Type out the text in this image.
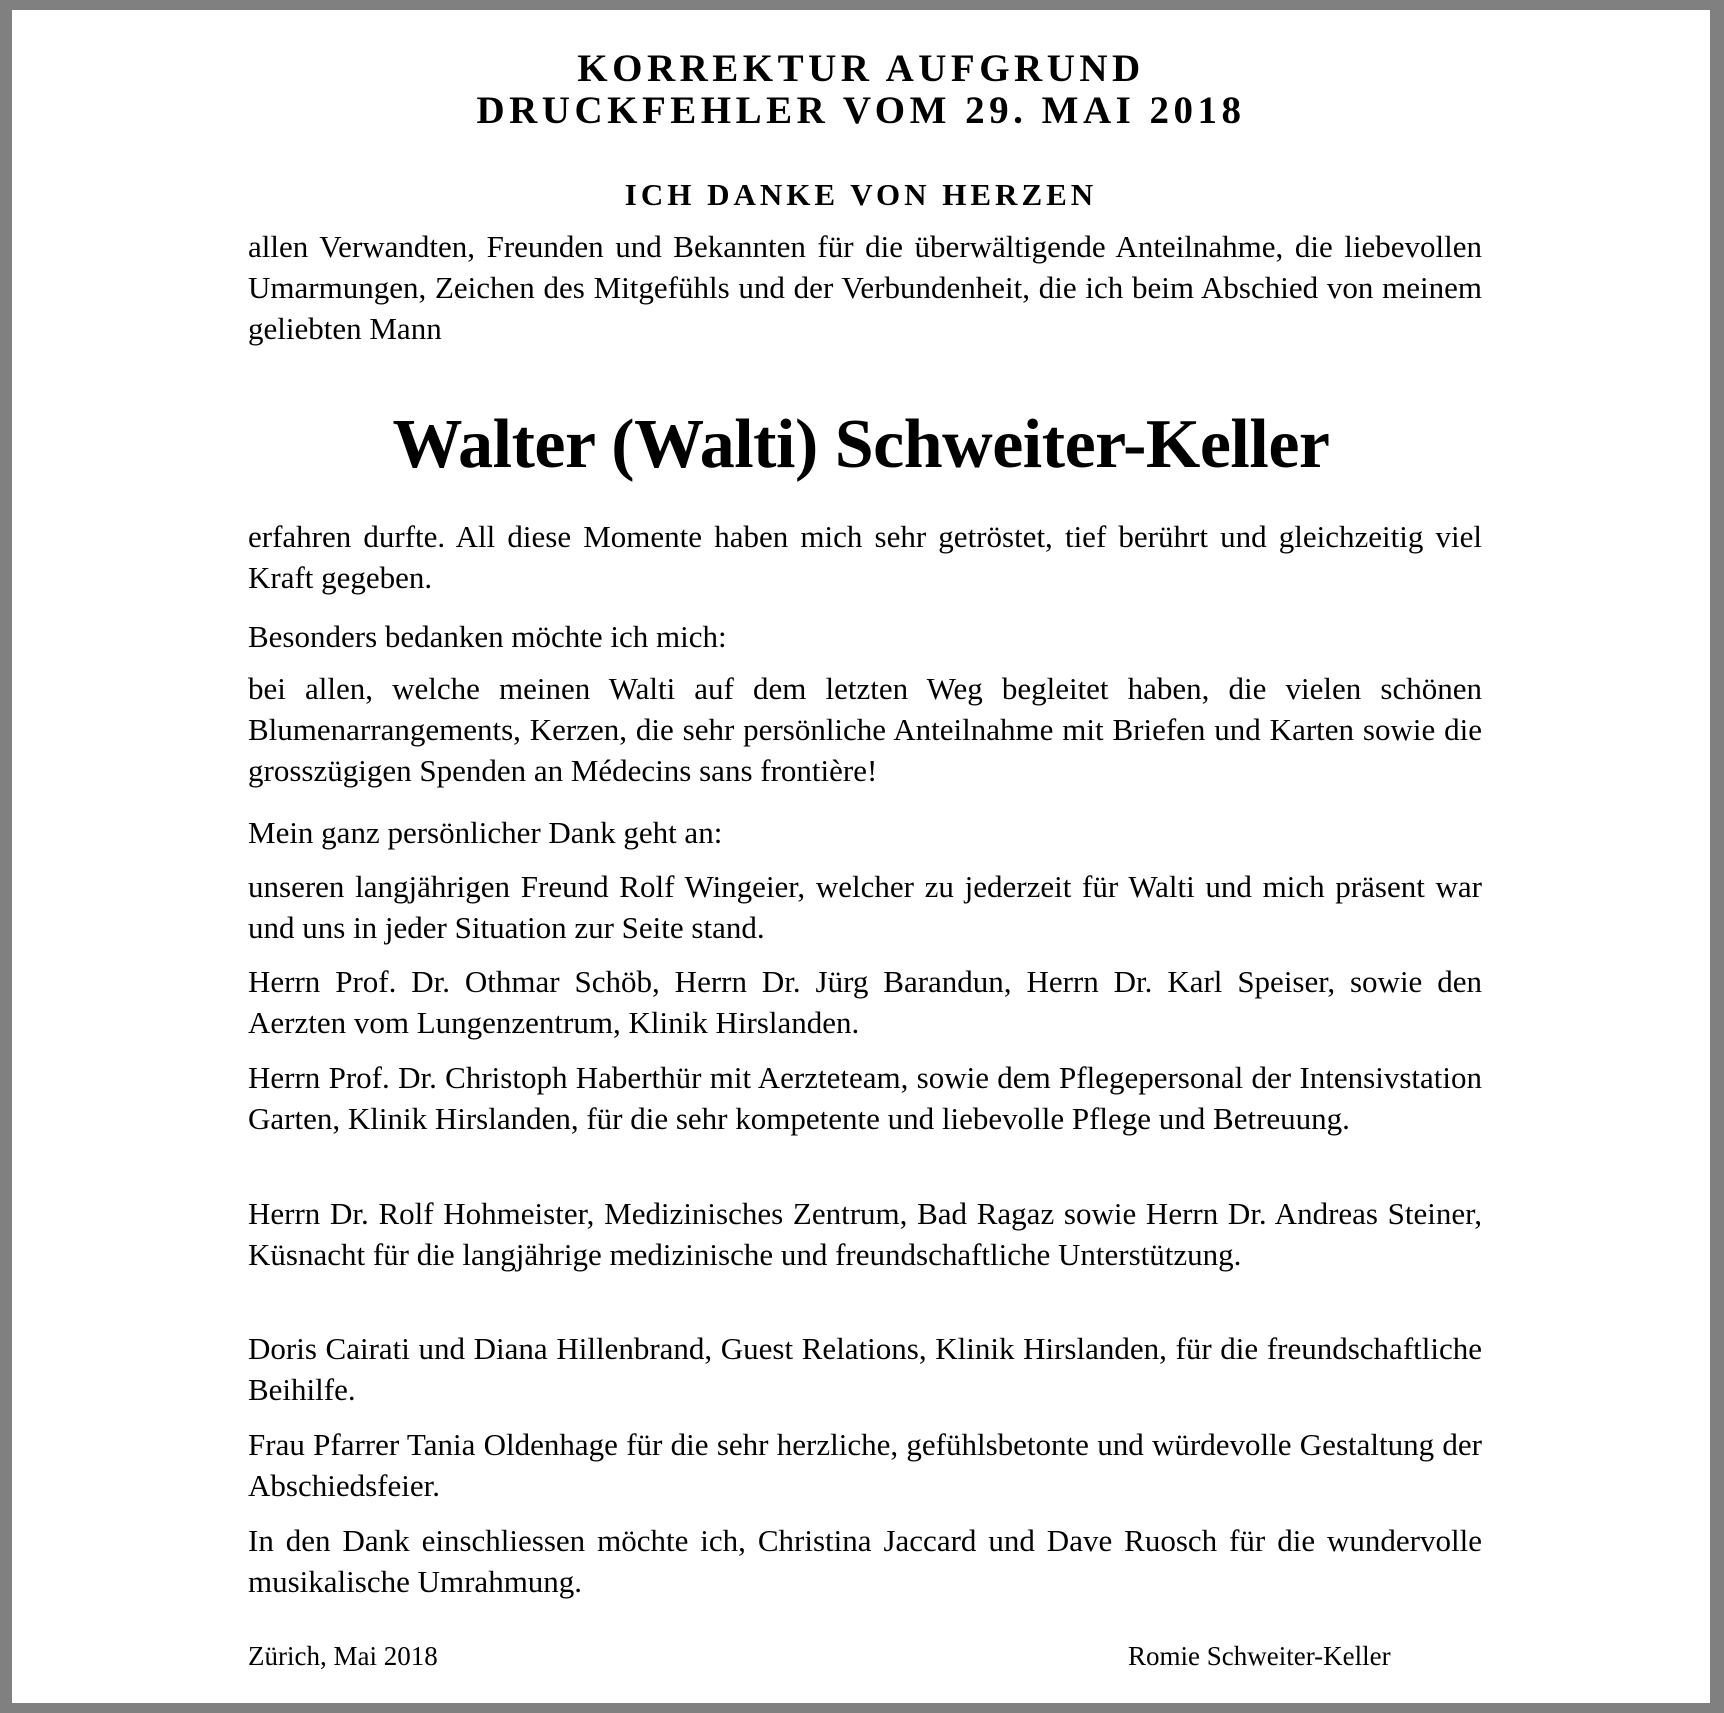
KORREKTUR AUFGRUND
DRUCKFEHLER VOM 29. MAI 2018
ICH DANKE VON HERZEN

allen Verwandten, Freunden und Bekannten für die überwältigende Anteilnahme, die liebevollen Umarmungen, Zeichen des Mitgefühls und der Verbundenheit, die ich beim Abschied von meinem geliebten Mann

Walter (Walti) Schweiter-Keller

erfahren durfte. All diese Momente haben mich sehr getröstet, tief berührt und gleichzeitig viel Kraft gegeben.

Besonders bedanken möchte ich mich:

bei allen, welche meinen Walti auf dem letzten Weg begleitet haben, die vielen schönen Blumenarrangements, Kerzen, die sehr persönliche Anteilnahme mit Briefen und Karten sowie die grosszügigen Spenden an Médecins sans frontière!

Mein ganz persönlicher Dank geht an:

unseren langjährigen Freund Rolf Wingeier, welcher zu jederzeit für Walti und mich präsent war und uns in jeder Situation zur Seite stand.

Herrn Prof. Dr. Othmar Schöb, Herrn Dr. Jürg Barandun, Herrn Dr. Karl Speiser, sowie den Aerzten vom Lungenzentrum, Klinik Hirslanden.

Herrn Prof. Dr. Christoph Haberthür mit Aerzteteam, sowie dem Pflegepersonal der Intensivstation Garten, Klinik Hirslanden, für die sehr kompetente und liebevolle Pflege und Betreuung.

Herrn Dr. Rolf Hohmeister, Medizinisches Zentrum, Bad Ragaz sowie Herrn Dr. Andreas Steiner, Küsnacht für die langjährige medizinische und freundschaftliche Unterstützung.

Doris Cairati und Diana Hillenbrand, Guest Relations, Klinik Hirslanden, für die freundschaftliche Beihilfe.

Frau Pfarrer Tania Oldenhage für die sehr herzliche, gefühlsbetonte und würdevolle Gestaltung der Abschiedsfeier.

In den Dank einschliessen möchte ich, Christina Jaccard und Dave Ruosch für die wundervolle musikalische Umrahmung.

Zürich, Mai 2018	Romie Schweiter-Keller
